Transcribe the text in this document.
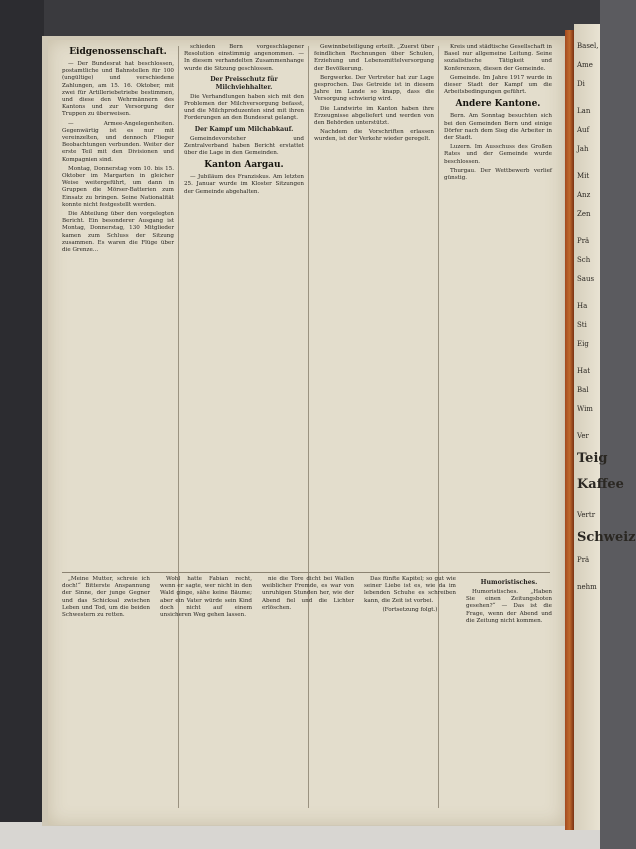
Basel,
Ame
Di
Lan
Auf
Jah
Mit
Anz
Zen
Prä
Sch
Saus
Ha
Sti
Eig
Hat
Bal
Wim
Ver
Teig
Kaffee
Vertr
Schweiz
Prä
nehm
Eidgenossenschaft.

— Der Bundesrat hat beschlossen, postamtliche und Bahnstellen für 100 (ungültige) und verschiedene Zahlungen, am 15. 16. Oktober, mit zwei für Artilleriebetriebe bestimmen, und diese den Wehrmännern des Kantons und zur Versorgung der Truppen zu überweisen.

— Armee-Angelegenheiten. Gegenwärtig ist es nur mit vereinzelten, und dennoch Flieger Beobachtungen verbunden. Weiter der erste Teil mit den Divisionen und Kompagnien sind.

Montag, Donnerstag vom 10. bis 15. Oktober im Margarten in gleicher Weise weitergeführt, um dann in Gruppen die Mörser-Batterien zum Einsatz zu bringen. Seine Nationalität konnte nicht festgestellt werden.

Die Abteilung über den vorgelegten Bericht. Ein besonderer Ausgang ist Montag, Donnerstag, 130 Mitglieder kamen zum Schluss der Sitzung zusammen. Es waren die Flüge über die Grenze...

schieden Bern vorgeschlagener Resolution einstimmig angenommen. — In diesem verhandelten Zusammenhange wurde die Sitzung geschlossen.

Der Preisschutz für Milchviehhalter.

Die Verhandlungen haben sich mit den Problemen der Milchversorgung befasst, und die Milchproduzenten sind mit ihren Forderungen an den Bundesrat gelangt.

Der Kampf um Milchabkauf.

Gemeindevorsteher und Zentralverband haben Bericht erstattet über die Lage in den Gemeinden.

Kanton Aargau.

— Jubiläum des Franziskus. Am letzten 25. Januar wurde im Kloster Sitzungen der Gemeinde abgehalten.

Gewinnbeteiligung erteilt. „Zuerst über feindlichen Rechnungen über Schulen, Erziehung und Lebensmittelversorgung der Bevölkerung.

Bergwerke. Der Vertreter hat zur Lage gesprochen. Das Getreide ist in diesem Jahre im Lande so knapp, dass die Versorgung schwierig wird.

Die Landwirte im Kanton haben ihre Erzeugnisse abgeliefert und werden von den Behörden unterstützt.

Nachdem die Vorschriften erlassen wurden, ist der Verkehr wieder geregelt.

Kreis und städtische Gesellschaft in Basel nur allgemeine Leitung. Seine sozialistische Tätigkeit und Konferenzen, diesen der Gemeinde.

Gemeinde. Im Jahre 1917 wurde in dieser Stadt der Kampf um die Arbeitsbedingungen geführt.

Andere Kantone.

Bern. Am Sonntag besuchten sich bei den Gemeinden Bern und einige Dörfer nach dem Sieg die Arbeiter in der Stadt.

Luzern. Im Ausschuss des Großen Rates und der Gemeinde wurde beschlossen.

Thurgau. Der Wettbewerb verlief günstig.

„Meine Mutter, schreie ich doch!“ Bitterste Anspannung der Sinne, der junge Gegner und das Schicksal zwischen Leben und Tod, um die beiden Schwestern zu retten.

Wohl hatte Fabian recht, wenn er sagte, wer nicht in den Wald ginge, sähe keine Bäume; aber ein Vater würde sein Kind doch nicht auf einem unsicheren Weg gehen lassen.

nie die Tore dicht bei Wallen weiblicher Fremde, es war von unruhigen Stunden her, wie der Abend fiel und die Lichter erlöschen.

Das fünfte Kapitel; so gut wie seiner Liebe ist es, wie da im lebenden Schuhe es schreiben kann, die Zeit ist vorbei.

(Fortsetzung folgt.)

Humoristisches.

Humoristisches. „Haben Sie einen Zeitungsboten gesehen?“ — Das ist die Frage, wenn der Abend und die Zeitung nicht kommen.
